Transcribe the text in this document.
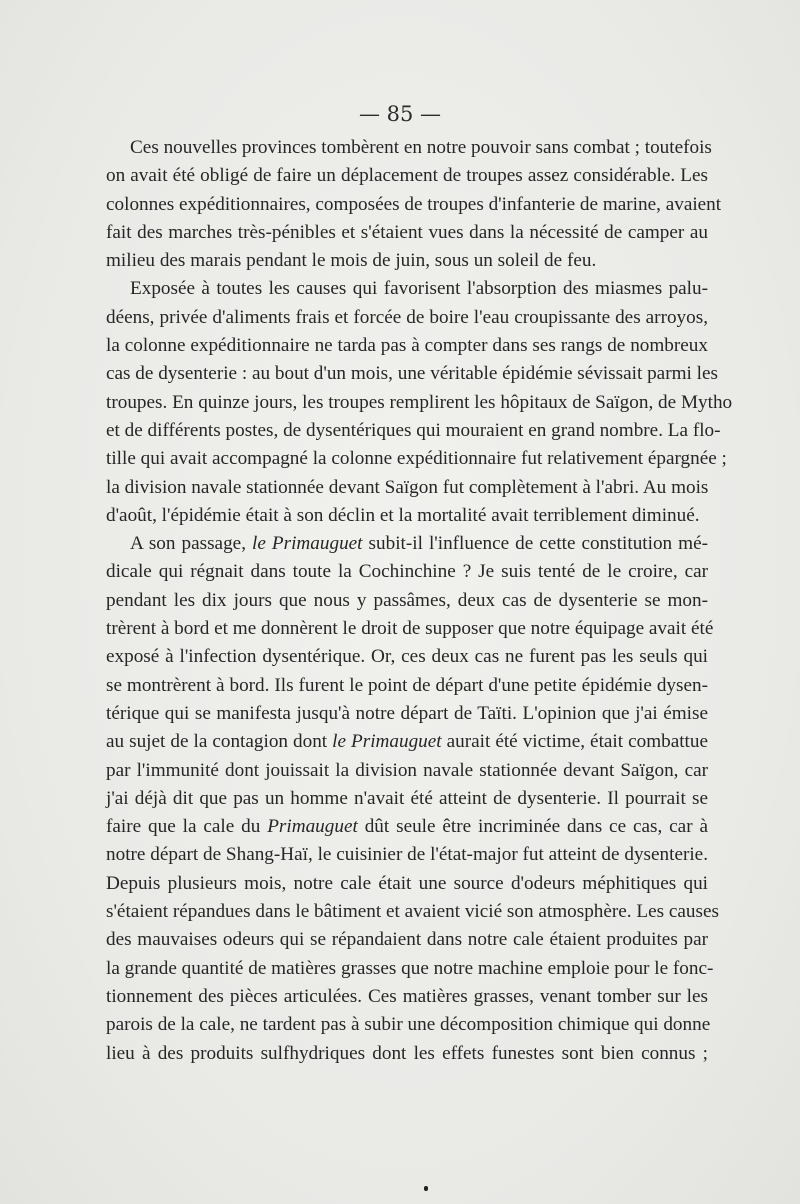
— 85 —
Ces nouvelles provinces tombèrent en notre pouvoir sans combat ; toutefois
on avait été obligé de faire un déplacement de troupes assez considérable. Les
colonnes expéditionnaires, composées de troupes d'infanterie de marine, avaient
fait des marches très-pénibles et s'étaient vues dans la nécessité de camper au
milieu des marais pendant le mois de juin, sous un soleil de feu.
Exposée à toutes les causes qui favorisent l'absorption des miasmes palu-
déens, privée d'aliments frais et forcée de boire l'eau croupissante des arroyos,
la colonne expéditionnaire ne tarda pas à compter dans ses rangs de nombreux
cas de dysenterie : au bout d'un mois, une véritable épidémie sévissait parmi les
troupes. En quinze jours, les troupes remplirent les hôpitaux de Saïgon, de Mytho
et de différents postes, de dysentériques qui mouraient en grand nombre. La flo-
tille qui avait accompagné la colonne expéditionnaire fut relativement épargnée ;
la division navale stationnée devant Saïgon fut complètement à l'abri. Au mois
d'août, l'épidémie était à son déclin et la mortalité avait terriblement diminué.
A son passage, le Primauguet subit-il l'influence de cette constitution mé-
dicale qui régnait dans toute la Cochinchine ? Je suis tenté de le croire, car
pendant les dix jours que nous y passâmes, deux cas de dysenterie se mon-
trèrent à bord et me donnèrent le droit de supposer que notre équipage avait été
exposé à l'infection dysentérique. Or, ces deux cas ne furent pas les seuls qui
se montrèrent à bord. Ils furent le point de départ d'une petite épidémie dysen-
térique qui se manifesta jusqu'à notre départ de Taïti. L'opinion que j'ai émise
au sujet de la contagion dont le Primauguet aurait été victime, était combattue
par l'immunité dont jouissait la division navale stationnée devant Saïgon, car
j'ai déjà dit que pas un homme n'avait été atteint de dysenterie. Il pourrait se
faire que la cale du Primauguet dût seule être incriminée dans ce cas, car à
notre départ de Shang-Haï, le cuisinier de l'état-major fut atteint de dysenterie.
Depuis plusieurs mois, notre cale était une source d'odeurs méphitiques qui
s'étaient répandues dans le bâtiment et avaient vicié son atmosphère. Les causes
des mauvaises odeurs qui se répandaient dans notre cale étaient produites par
la grande quantité de matières grasses que notre machine emploie pour le fonc-
tionnement des pièces articulées. Ces matières grasses, venant tomber sur les
parois de la cale, ne tardent pas à subir une décomposition chimique qui donne
lieu à des produits sulfhydriques dont les effets funestes sont bien connus ;
